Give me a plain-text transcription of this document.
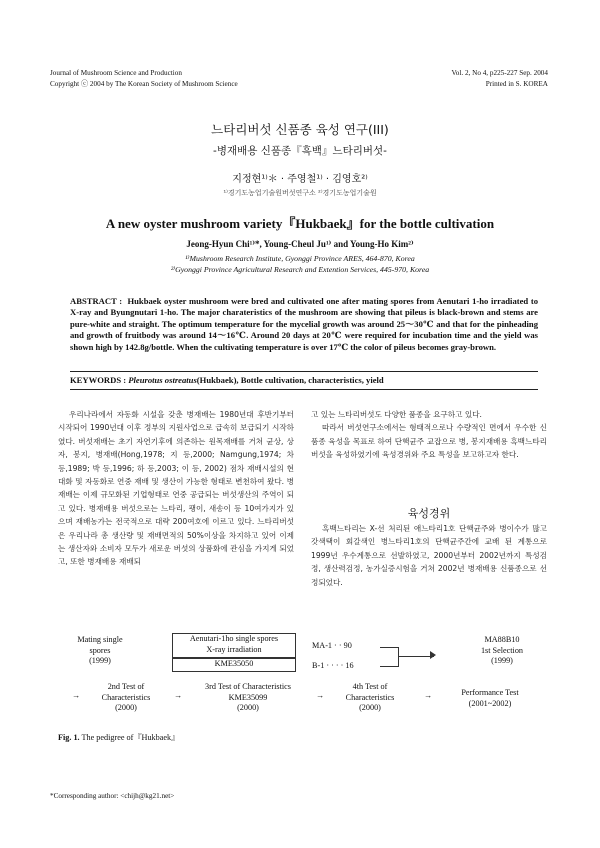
Journal of Mushroom Science and Production
Copyright ⓒ 2004 by The Korean Society of Mushroom Science
Vol. 2, No 4, p225-227 Sep. 2004
Printed in S. KOREA
느타리버섯 신품종 육성 연구(III)
-병재배용 신품종『흑백』느타리버섯-
지정현¹⁾＊ · 주영철¹⁾ · 김영호²⁾
¹⁾경기도농업기술원버섯연구소 ²⁾경기도농업기술원
A new oyster mushroom variety『Hukbaek』for the bottle cultivation
Jeong-Hyun Chi¹⁾*, Young-Cheul Ju¹⁾ and Young-Ho Kim²⁾
¹⁾Mushroom Research Institute, Gyonggi Province ARES, 464-870, Korea
²⁾Gyonggi Province Agricultural Research and Extention Services, 445-970, Korea
ABSTRACT : Hukbaek oyster mushroom were bred and cultivated one after mating spores from Aenutari 1-ho irradiated to X-ray and Byungnutari 1-ho. The major charateristics of the mushroom are showing that pileus is black-brown and stems are pure-white and straight. The optimum temperature for the mycelial growth was around 25～30℃ and that for the pinheading and growth of fruitbody was around 14～16℃. Around 20 days at 20℃ were required for incubation time and the yield was shown high by 142.8g/bottle. When the cultivating temperature is over 17℃ the color of pileus becomes gray-brown.
KEYWORDS : Pleurotus ostreatus(Hukbaek), Bottle cultivation, characteristics, yield

우리나라에서 자동화 시설을 갖춘 병재배는 1980년대 후반기부터 시작되어 1990년대 이후 정부의 지원사업으로 급속히 보급되기 시작하였다. 버섯재배는 초기 자연기후에 의존하는 원목재배를 거쳐 균상, 상자, 봉지, 병재배(Hong,1978; 지 등,2000; Namgung,1974; 차 등,1989; 박 등,1996; 하 등,2003; 이 등, 2002) 점차 재배시설의 현대화 및 자동화로 연중 재배 및 생산이 가능한 형태로 변천하여 왔다. 병재배는 이제 규모화된 기업형태로 연중 공급되는 버섯생산의 주역이 되고 있다. 병재배용 버섯으로는 느타리, 팽이, 새송이 등 10여가지가 있으며 재배농가는 전국적으로 대략 200여호에 이르고 있다. 느타리버섯은 우리나라 총 생산량 및 재배면적의 50%이상을 차지하고 있어 이제는 생산자와 소비자 모두가 새로운 버섯의 상품화에 관심을 가지게 되었고, 또한 병재배용 재배되

고 있는 느타리버섯도 다양한 품종을 요구하고 있다.

따라서 버섯연구소에서는 형태적으로나 수량적인 면에서 우수한 신품종 육성을 목표로 하여 단핵균주 교잡으로 병, 봉지재배용 흑백느타리버섯을 육성하였기에 육성경위와 주요 특성을 보고하고자 한다.

육성경위

흑백느타리는 X-선 처리된 애느타리1호 단핵균주와 병이수가 많고 갓색택이 회갈색인 병느타리1호의 단핵균주간에 교배 된 계통으로 1999년 우수계통으로 선발하였고, 2000년부터 2002년까지 특성검정, 생산력검정, 농가실증시험을 거쳐 2002년 병재배용 신품종으로 선정되었다.

Mating single
spores
(1999)
Aenutari-1ho single spores
X-ray irradiation
KME35050
MA-1 · · 90
B-1 · · · · 16
MA88B10
1st Selection
(1999)
→
2nd Test of
Characteristics
(2000)
→
3rd Test of Characteristics
KME35099
(2000)
→
4th Test of
Characteristics
(2000)
→	Performance Test
(2001~2002)
Fig. 1. The pedigree of『Hukbaek』
*Corresponding author: <chijh@kg21.net>
